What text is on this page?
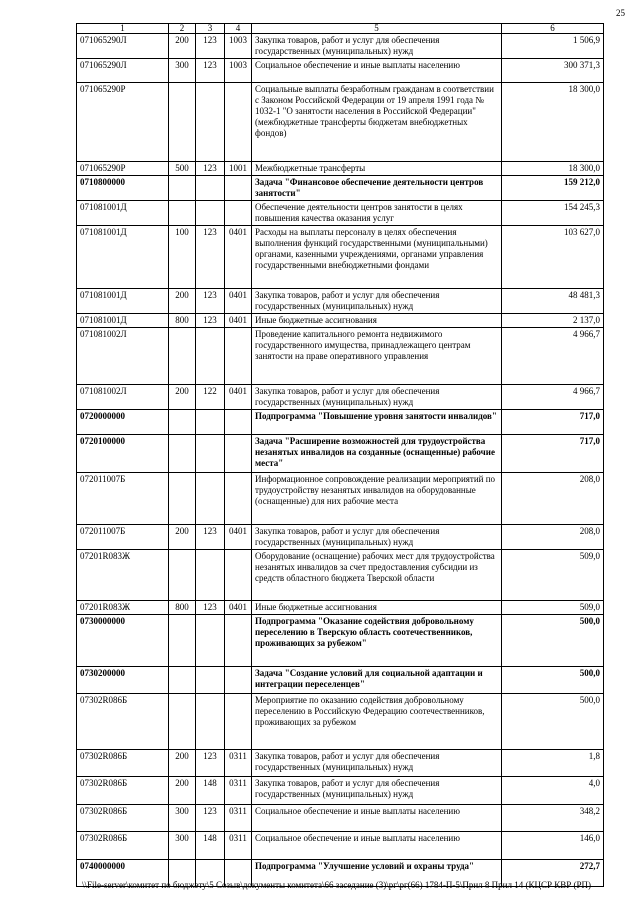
25
1	2	3	4	5	6
071065290Л	200	123	1003	Закупка товаров, работ и услуг для обеспечения государственных (муниципальных) нужд	1 506,9
071065290Л	300	123	1003	Социальное обеспечение и иные выплаты населению	300 371,3
071065290Р				Социальные выплаты безработным гражданам в соответствии с Законом Российской Федерации от 19 апреля 1991 года № 1032-1 "О занятости населения в Российской Федерации" (межбюджетные трансферты бюджетам внебюджетных фондов)	18 300,0
071065290Р	500	123	1001	Межбюджетные трансферты	18 300,0
0710800000				Задача "Финансовое обеспечение деятельности центров занятости"	159 212,0
071081001Д				Обеспечение деятельности центров занятости в целях повышения качества оказания услуг	154 245,3
071081001Д	100	123	0401	Расходы на выплаты персоналу в целях обеспечения выполнения функций государственными (муниципальными) органами, казенными учреждениями, органами управления государственными внебюджетными фондами	103 627,0
071081001Д	200	123	0401	Закупка товаров, работ и услуг для обеспечения государственных (муниципальных) нужд	48 481,3
071081001Д	800	123	0401	Иные бюджетные ассигнования	2 137,0
071081002Л				Проведение капитального ремонта недвижимого государственного имущества, принадлежащего центрам занятости на праве оперативного управления	4 966,7
071081002Л	200	122	0401	Закупка товаров, работ и услуг для обеспечения государственных (муниципальных) нужд	4 966,7
0720000000				Подпрограмма "Повышение уровня занятости инвалидов"	717,0
0720100000				Задача "Расширение возможностей для трудоустройства незанятых инвалидов на созданные (оснащенные) рабочие места"	717,0
072011007Б				Информационное сопровождение реализации мероприятий по трудоустройству незанятых инвалидов на оборудованные (оснащенные) для них рабочие места	208,0
072011007Б	200	123	0401	Закупка товаров, работ и услуг для обеспечения государственных (муниципальных) нужд	208,0
07201R083Ж				Оборудование (оснащение) рабочих мест для трудоустройства незанятых инвалидов за счет предоставления субсидии из средств областного бюджета Тверской области	509,0
07201R083Ж	800	123	0401	Иные бюджетные ассигнования	509,0
0730000000				Подпрограмма "Оказание содействия добровольному переселению в Тверскую область соотечественников, проживающих за рубежом"	500,0
0730200000				Задача "Создание условий для социальной адаптации и интеграции переселенцев"	500,0
07302R086Б				Мероприятие по оказанию содействия добровольному переселению в Российскую Федерацию соотечественников, проживающих за рубежом	500,0
07302R086Б	200	123	0311	Закупка товаров, работ и услуг для обеспечения государственных (муниципальных) нужд	1,8
07302R086Б	200	148	0311	Закупка товаров, работ и услуг для обеспечения государственных (муниципальных) нужд	4,0
07302R086Б	300	123	0311	Социальное обеспечение и иные выплаты населению	348,2
07302R086Б	300	148	0311	Социальное обеспечение и иные выплаты населению	146,0
0740000000				Подпрограмма "Улучшение условий и охраны труда"	272,7
\\File-server\комитет по бюджету\5 Созыв\документы комитета\66 заседание (3)\рг\рг(66) 1784-П-5\Прил 8 Прил 14 (КЦСР КВР (РП)
